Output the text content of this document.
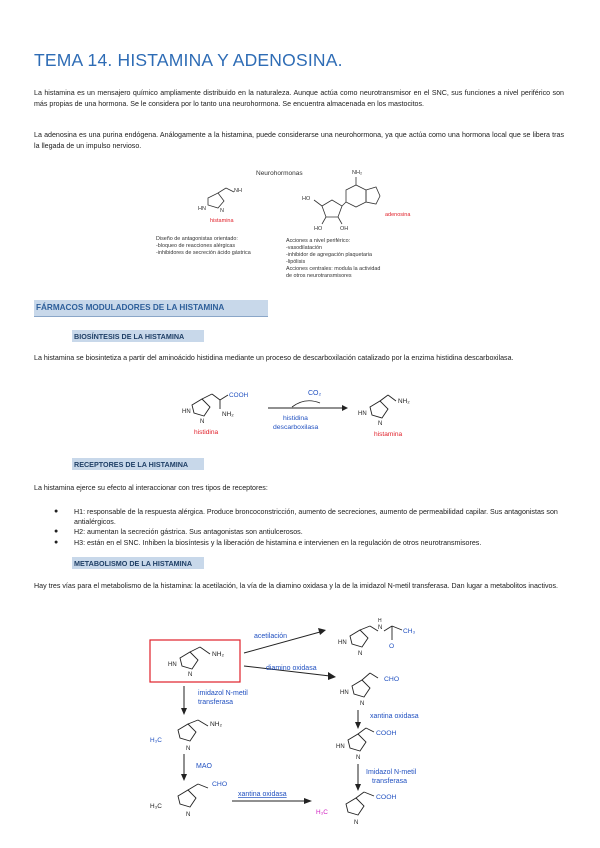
TEMA 14. HISTAMINA Y ADENOSINA.
La histamina es un mensajero químico ampliamente distribuido en la naturaleza. Aunque actúa como neurotransmisor en el SNC, sus funciones a nivel periférico son más propias de una hormona. Se le considera por lo tanto una neurohormona. Se encuentra almacenada en los mastocitos.
La adenosina es una purina endógena. Análogamente a la histamina, puede considerarse una neurohormona, ya que actúa como una hormona local que se libera tras la llegada de un impulso nervioso.
Neurohormonas
NH
HN	N
histamina
NH₂
HO
HO	OH
adenosina
Diseño de antagonistas orientado:
-bloqueo de reacciones alérgicas
-inhibidores de secreción ácido gástrica
Acciones a nivel periférico:
-vasodilatación
-inhibidor de agregación plaquetaria
-lipólisis
Acciones centrales: modula la actividad
de otros neurotransmisores
FÁRMACOS MODULADORES DE LA HISTAMINA
BIOSÍNTESIS DE LA HISTAMINA
La histamina se biosintetiza a partir del aminoácido histidina mediante un proceso de descarboxilación catalizado por la enzima histidina descarboxilasa.
COOH
NH₂
HN
N
histidina
CO₂
histidina
descarboxilasa
NH₂
HN
N
histamina
RECEPTORES DE LA HISTAMINA
La histamina ejerce su efecto al interaccionar con tres tipos de receptores:
● H1: responsable de la respuesta alérgica. Produce broncoconstricción, aumento de secreciones, aumento de permeabilidad capilar. Sus antagonistas son antialérgicos.
● H2: aumentan la secreción gástrica. Sus antagonistas son antiulcerosos.
● H3: están en el SNC. Inhiben la biosíntesis y la liberación de histamina e intervienen en la regulación de otros neurotransmisores.
METABOLISMO DE LA HISTAMINA
Hay tres vías para el metabolismo de la histamina: la acetilación, la vía de la diamino oxidasa y la de la imidazol N-metil transferasa. Dan lugar a metabolitos inactivos.
NH₂
HN
N
acetilación
N
H
CH₃
O
HN
N
diamino oxidasa
CHO
HN
N
xantina oxidasa
COOH
HN
N
Imidazol N-metil
transferasa
COOH
H₃C
N
imidazol N-metil
transferasa
NH₂
H₃C
N
MAO
CHO
H₃C
N
xantina oxidasa
